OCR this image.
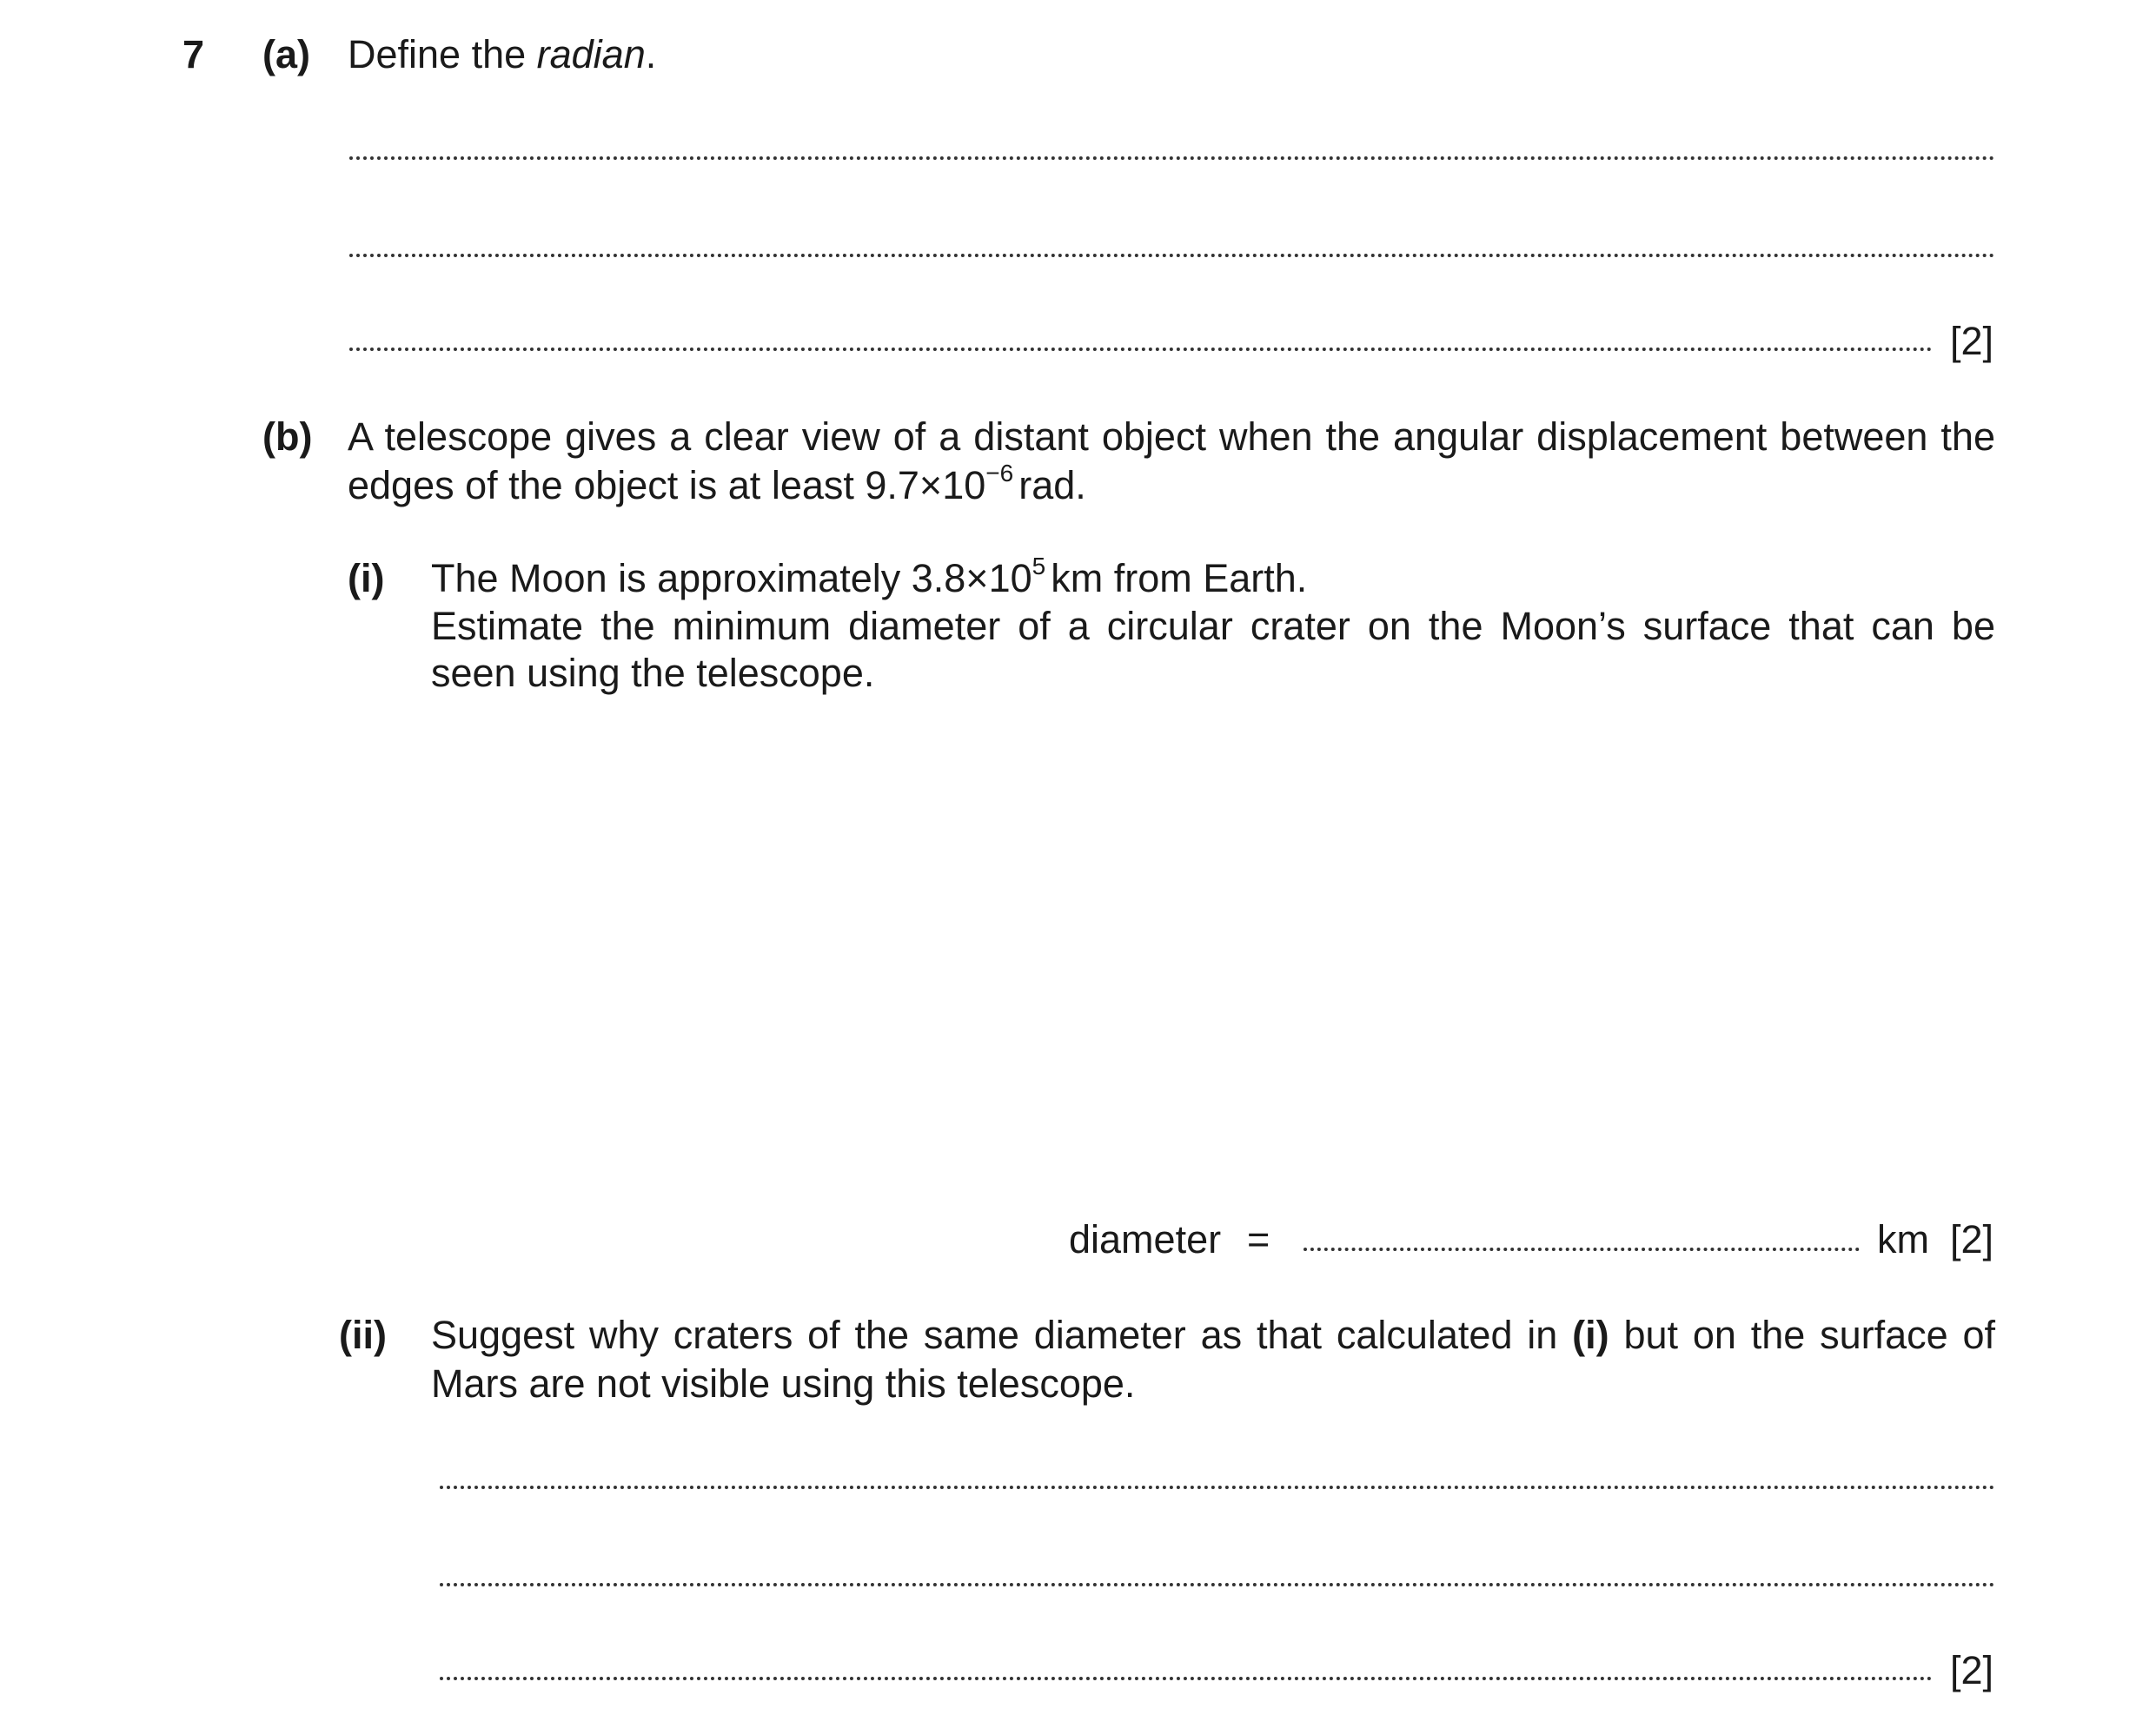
7 (a) Define the radian.
[2]
(b) A telescope gives a clear view of a distant object when the angular displacement between the
edges of the object is at least $9.7\times 10^{-6}$ rad.
(i) The Moon is approximately $3.8\times 10^5$ km from Earth.
Estimate the minimum diameter of a circular crater on the Moon’s surface that can be
seen using the telescope.
diameter =	km [2]
(ii) Suggest why craters of the same diameter as that calculated in (i) but on the surface of
Mars are not visible using this telescope.
[2]
